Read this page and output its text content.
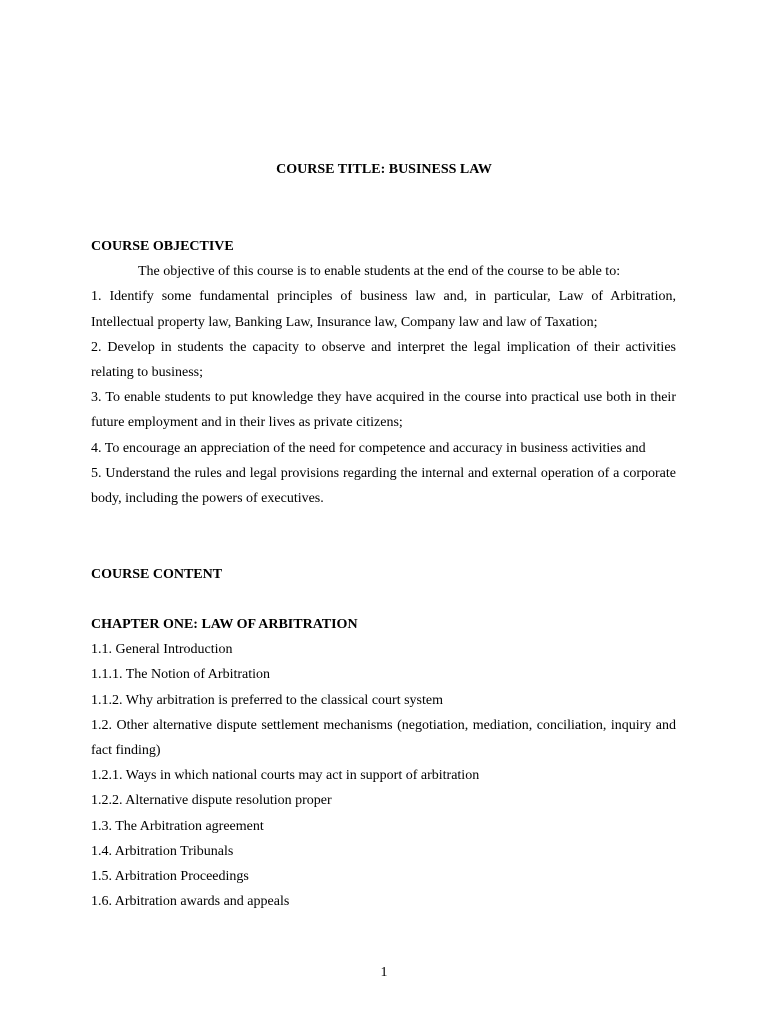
COURSE TITLE: BUSINESS LAW

COURSE OBJECTIVE

The objective of this course is to enable students at the end of the course to be able to:

1. Identify some fundamental principles of business law and, in particular, Law of Arbitration, Intellectual property law, Banking Law, Insurance law, Company law and law of Taxation;

2. Develop in students the capacity to observe and interpret the legal implication of their activities relating to business;

3. To enable students to put knowledge they have acquired in the course into practical use both in their future employment and in their lives as private citizens;

4. To encourage an appreciation of the need for competence and accuracy in business activities and

5. Understand the rules and legal provisions regarding the internal and external operation of a corporate body, including the powers of executives.

COURSE CONTENT

CHAPTER ONE: LAW OF ARBITRATION

1.1. General Introduction

1.1.1. The Notion of Arbitration

1.1.2. Why arbitration is preferred to the classical court system

1.2. Other alternative dispute settlement mechanisms (negotiation, mediation, conciliation, inquiry and fact finding)

1.2.1. Ways in which national courts may act in support of arbitration

1.2.2. Alternative dispute resolution proper

1.3. The Arbitration agreement

1.4. Arbitration Tribunals

1.5. Arbitration Proceedings

1.6. Arbitration awards and appeals

1
